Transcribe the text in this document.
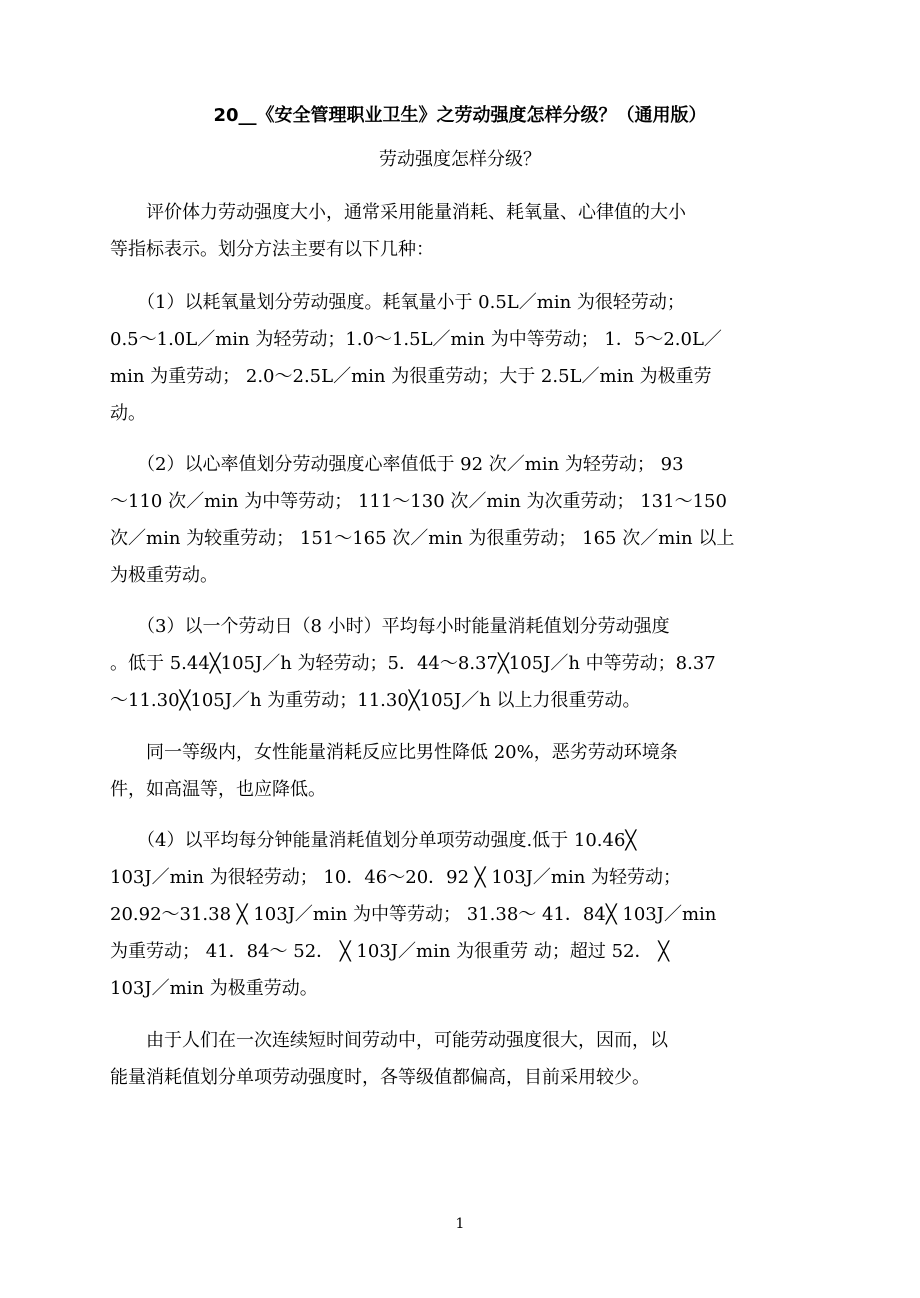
20__《安全管理职业卫生》之劳动强度怎样分级？（通用版）
劳动强度怎样分级？
　　评价体力劳动强度大小，通常采用能量消耗、耗氧量、心律值的大小
等指标表示。划分方法主要有以下几种：
　　（1）以耗氧量划分劳动强度。耗氧量小于 0.5L／min 为很轻劳动；
0.5～1.0L／min 为轻劳动；1.0～1.5L／min 为中等劳动； 1．5～2.0L／
min 为重劳动； 2.0～2.5L／min 为很重劳动；大于 2.5L／min 为极重劳
动。
　　（2）以心率值划分劳动强度心率值低于 92 次／min 为轻劳动； 93
～110 次／min 为中等劳动； 111～130 次／min 为次重劳动； 131～150
次／min 为较重劳动； 151～165 次／min 为很重劳动； 165 次／min 以上
为极重劳动。
　　（3）以一个劳动日（8 小时）平均每小时能量消耗值划分劳动强度
。低于 5.44╳105J／h 为轻劳动；5．44～8.37╳105J／h 中等劳动；8.37
～11.30╳105J／h 为重劳动；11.30╳105J／h 以上力很重劳动。
　　同一等级内，女性能量消耗反应比男性降低 20%，恶劣劳动环境条
件，如高温等，也应降低。
　　（4）以平均每分钟能量消耗值划分单项劳动强度.低于 10.46╳
103J／min 为很轻劳动； 10．46～20．92 ╳ 103J／min 为轻劳动；
20.92～31.38 ╳ 103J／min 为中等劳动； 31.38～ 41．84╳ 103J／min
为重劳动； 41．84～ 52． ╳ 103J／min 为很重劳 动；超过 52． ╳
103J／min 为极重劳动。
　　由于人们在一次连续短时间劳动中，可能劳动强度很大，因而，以
能量消耗值划分单项劳动强度时，各等级值都偏高，目前采用较少。
1
